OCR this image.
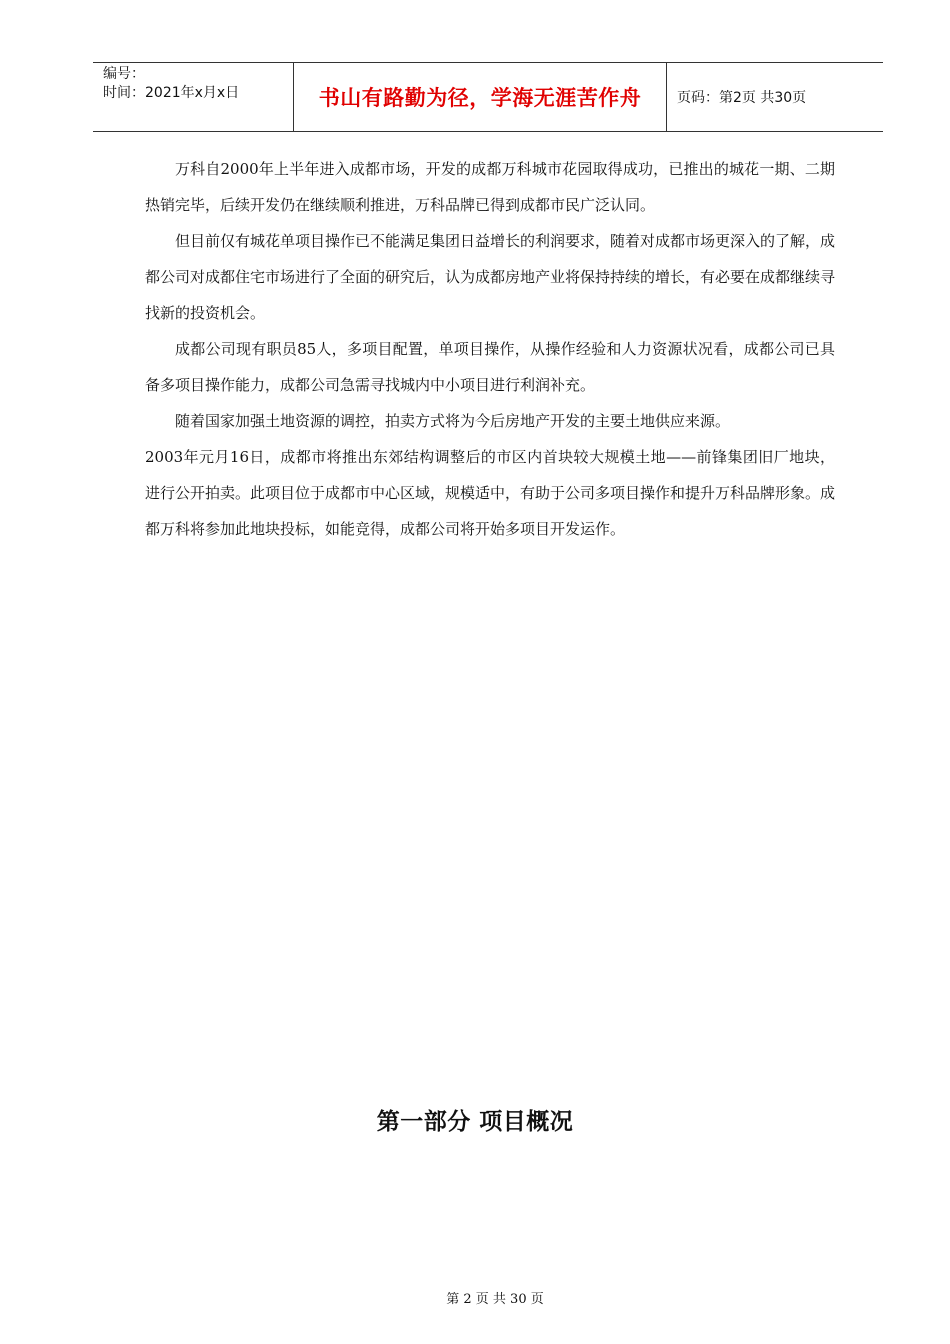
编号：
时间：2021年x月x日	书山有路勤为径，学海无涯苦作舟	页码：第2页 共30页

万科自2000年上半年进入成都市场，开发的成都万科城市花园取得成功，已推出的城花一期、二期热销完毕，后续开发仍在继续顺利推进，万科品牌已得到成都市民广泛认同。

但目前仅有城花单项目操作已不能满足集团日益增长的利润要求，随着对成都市场更深入的了解，成都公司对成都住宅市场进行了全面的研究后，认为成都房地产业将保持持续的增长，有必要在成都继续寻找新的投资机会。

成都公司现有职员85人，多项目配置，单项目操作，从操作经验和人力资源状况看，成都公司已具备多项目操作能力，成都公司急需寻找城内中小项目进行利润补充。

随着国家加强土地资源的调控，拍卖方式将为今后房地产开发的主要土地供应来源。

2003年元月16日，成都市将推出东郊结构调整后的市区内首块较大规模土地——前锋集团旧厂地块， 进行公开拍卖。此项目位于成都市中心区域，规模适中，有助于公司多项目操作和提升万科品牌形象。成都万科将参加此地块投标，如能竞得，成都公司将开始多项目开发运作。

第一部分 项目概况
第 2 页 共 30 页
